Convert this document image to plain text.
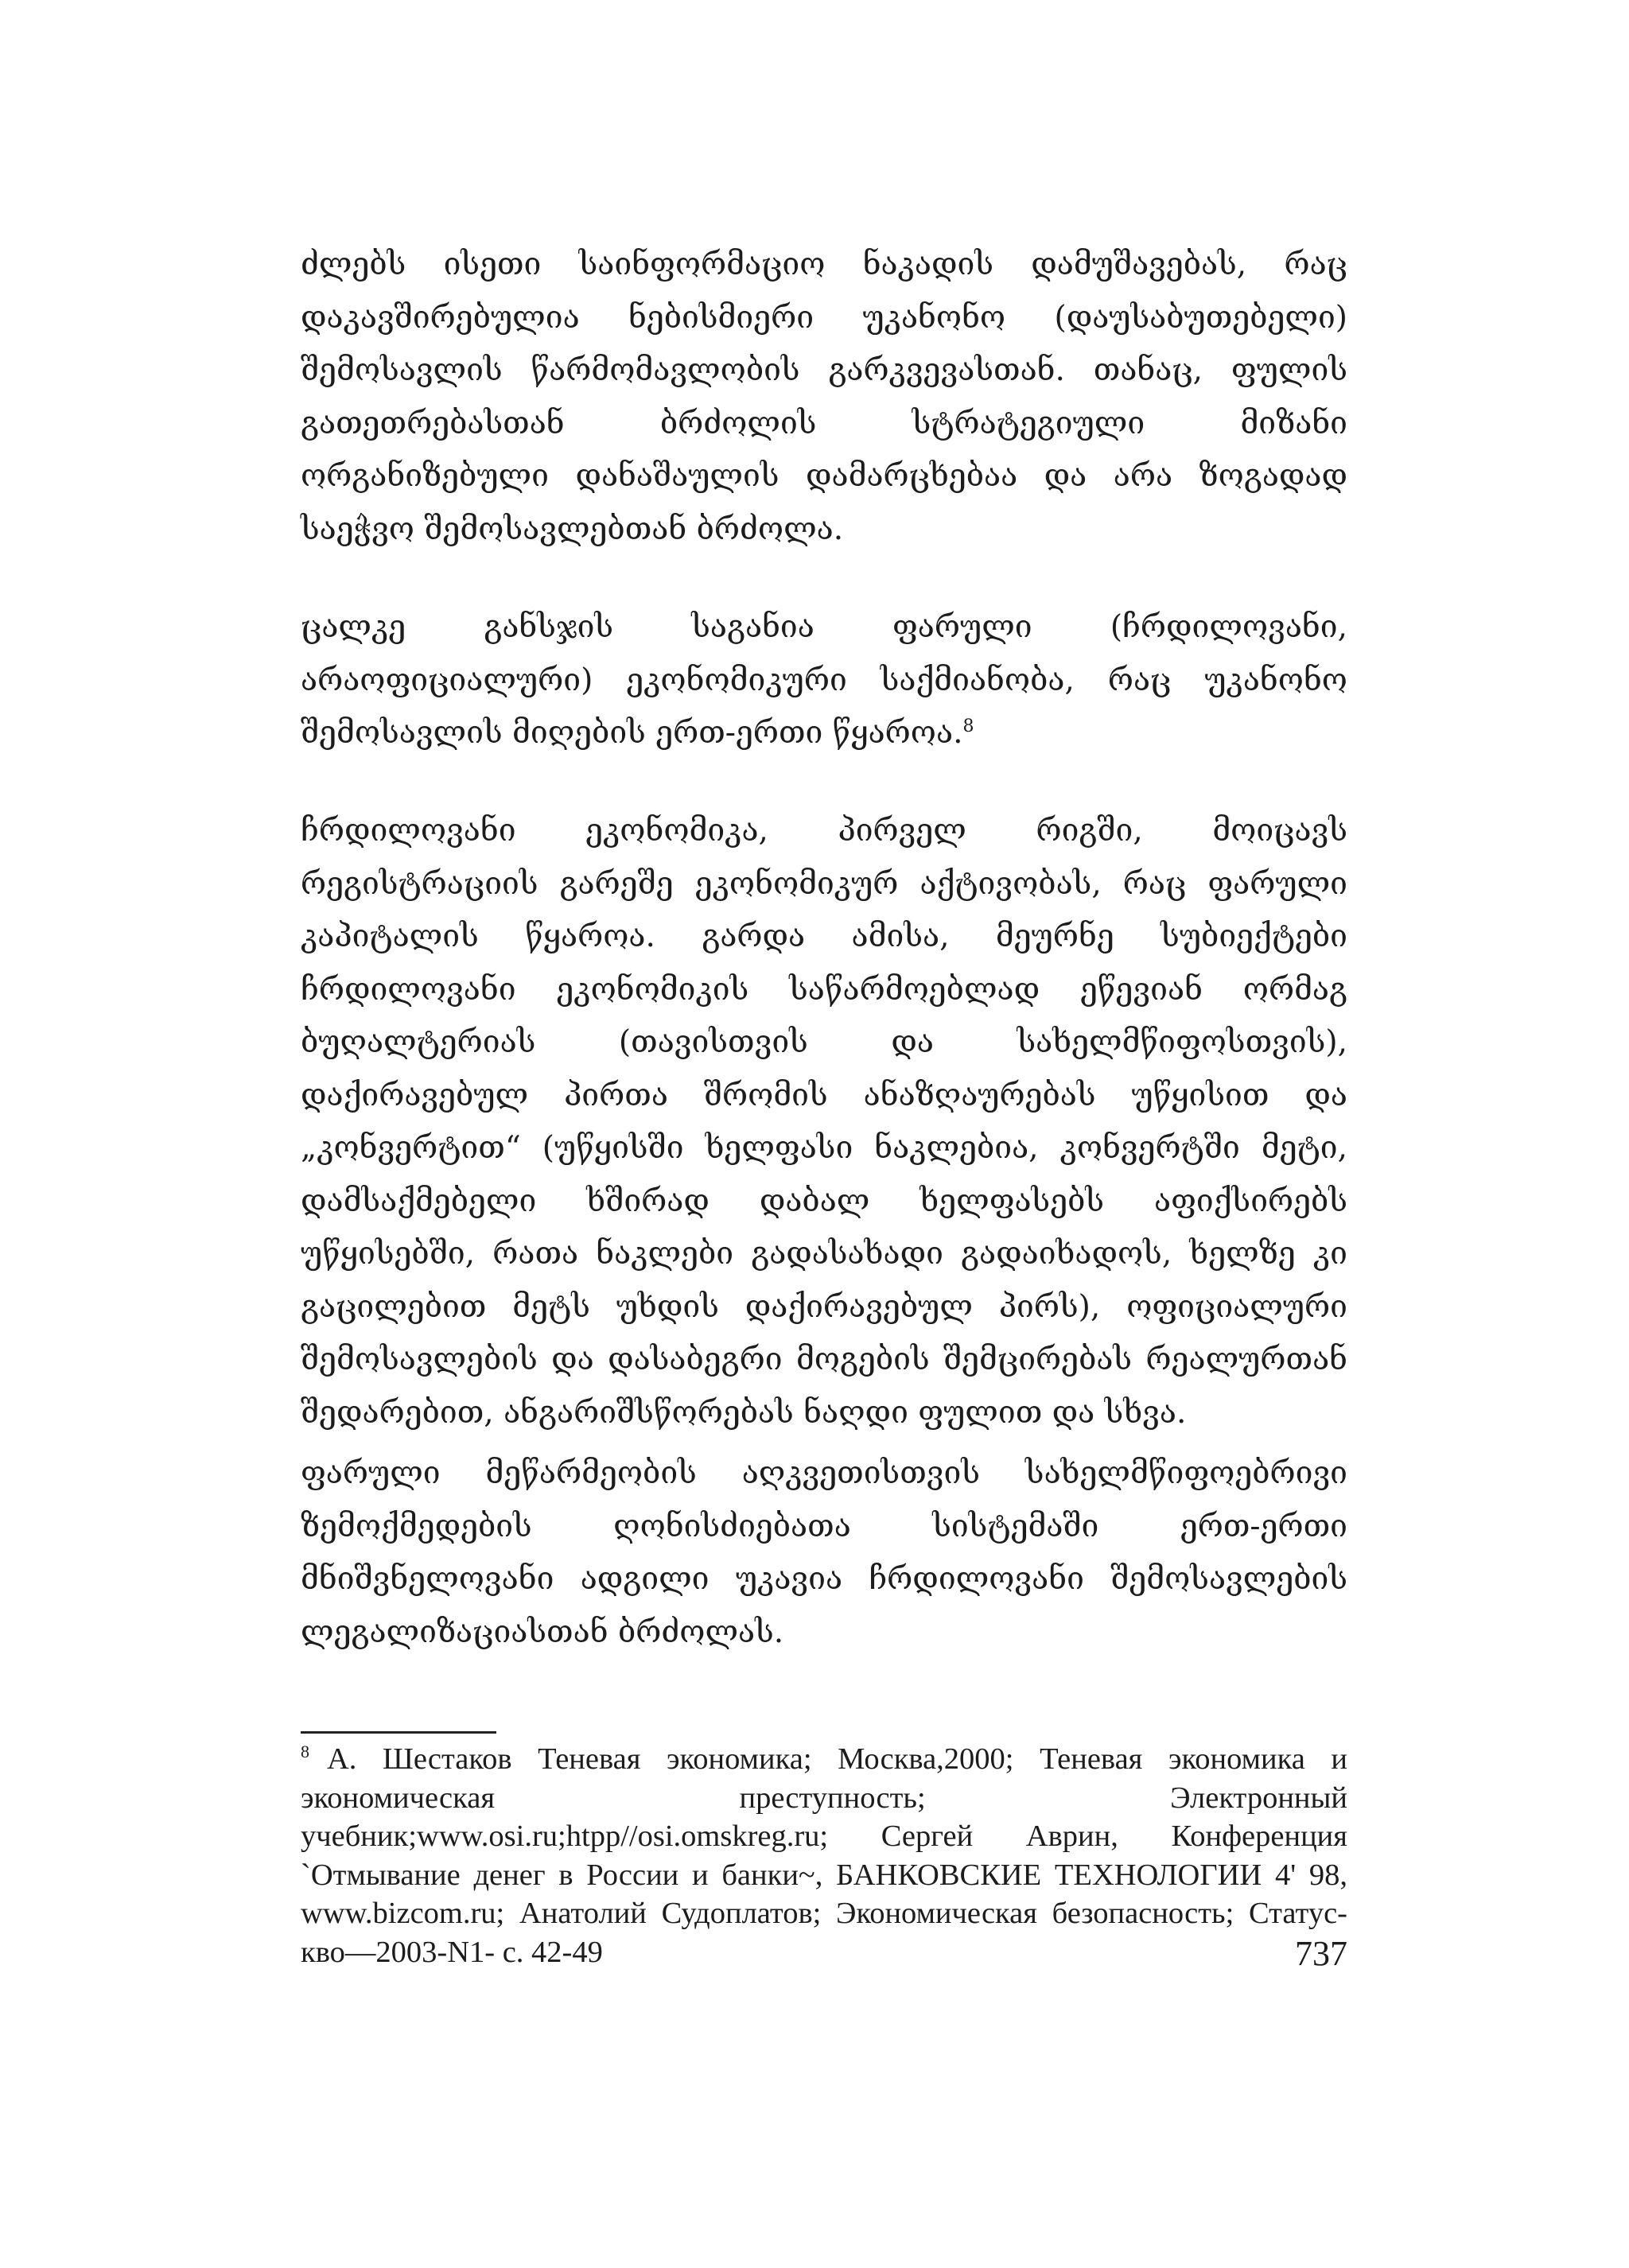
ძლებს ისეთი საინფორმაციო ნაკადის დამუშავებას, რაც დაკავშირებულია ნებისმიერი უკანონო (დაუსაბუთებელი) შემოსავლის წარმომავლობის გარკვევასთან. თანაც, ფულის გათეთრებასთან ბრძოლის სტრატეგიული მიზანი ორგანიზებული დანაშაულის დამარცხებაა და არა ზოგადად საეჭვო შემოსავლებთან ბრძოლა.

ცალკე განსჯის საგანია ფარული (ჩრდილოვანი, არაოფიციალური) ეკონომიკური საქმიანობა, რაც უკანონო შემოსავლის მიღების ერთ-ერთი წყაროა.$^8$

ჩრდილოვანი ეკონომიკა, პირველ რიგში, მოიცავს რეგისტრაციის გარეშე ეკონომიკურ აქტივობას, რაც ფარული კაპიტალის წყაროა. გარდა ამისა, მეურნე სუბიექტები ჩრდილოვანი ეკონომიკის საწარმოებლად ეწევიან ორმაგ ბუღალტერიას (თავისთვის და სახელმწიფოსთვის), დაქირავებულ პირთა შრომის ანაზღაურებას უწყისით და „კონვერტით“ (უწყისში ხელფასი ნაკლებია, კონვერტში მეტი, დამსაქმებელი ხშირად დაბალ ხელფასებს აფიქსირებს უწყისებში, რათა ნაკლები გადასახადი გადაიხადოს, ხელზე კი გაცილებით მეტს უხდის დაქირავებულ პირს), ოფიციალური შემოსავლების და დასაბეგრი მოგების შემცირებას რეალურთან შედარებით, ანგარიშსწორებას ნაღდი ფულით და სხვა.

ფარული მეწარმეობის აღკვეთისთვის სახელმწიფოებრივი ზემოქმედების ღონისძიებათა სისტემაში ერთ-ერთი მნიშვნელოვანი ადგილი უკავია ჩრდილოვანი შემოსავლების ლეგალიზაციასთან ბრძოლას.

$^8$ А. Шестаков Теневая экономика; Москва,2000; Теневая экономика и экономическая преступность; Электронный учебник;www.osi.ru;htpp//osi.omskreg.ru; Сергей Аврин, Конференция `Отмывание денег в России и банки~, БАНКОВСКИЕ ТЕХНОЛОГИИ 4' 98, www.bizcom.ru; Анатолий Судоплатов; Экономическая безопасность; Статус-кво—2003-N1- с. 42-49	737
